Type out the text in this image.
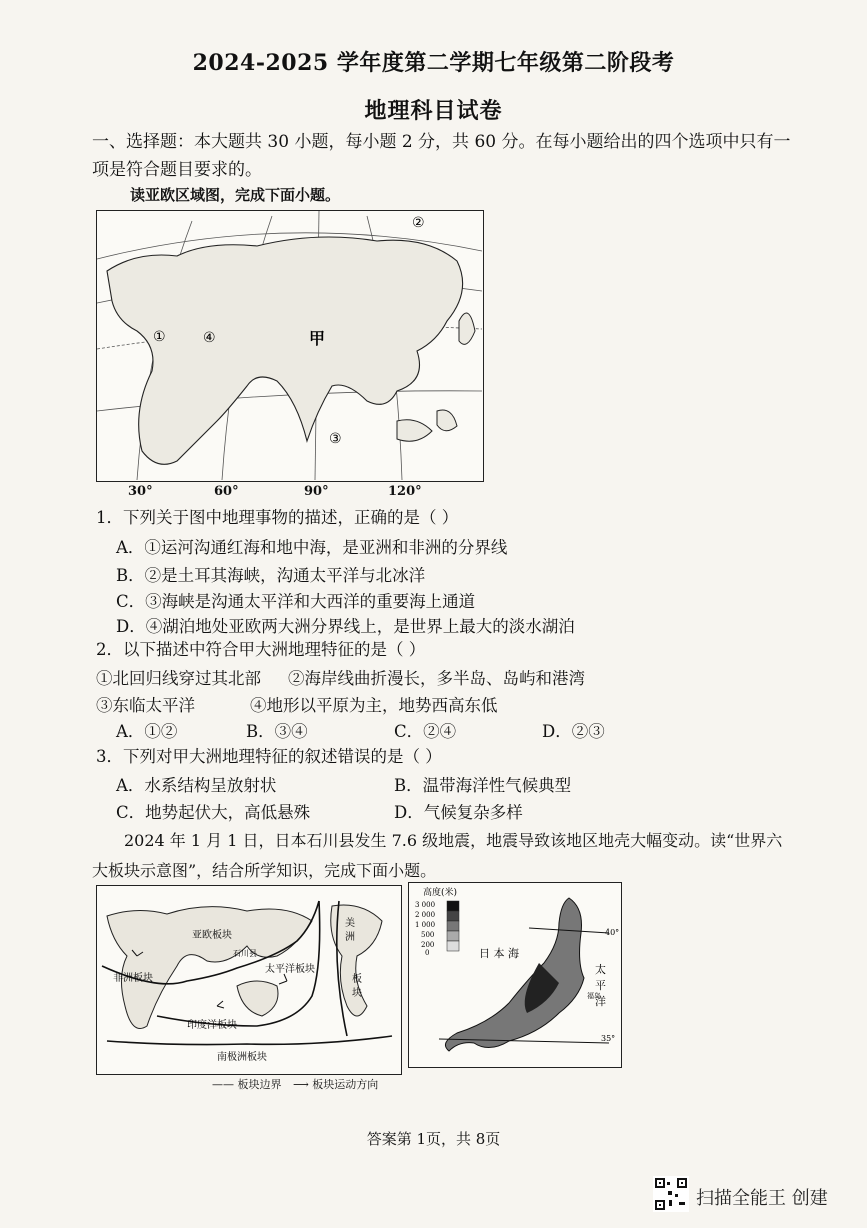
2024-2025 学年度第二学期七年级第二阶段考
地理科目试卷
一、选择题：本大题共 30 小题，每小题 2 分，共 60 分。在每小题给出的四个选项中只有一项是符合题目要求的。
读亚欧区域图，完成下面小题。
①
②
③
④	甲
30°	60°	90°	120°
1．下列关于图中地理事物的描述，正确的是（ ）
A．①运河沟通红海和地中海，是亚洲和非洲的分界线
B．②是土耳其海峡，沟通太平洋与北冰洋
C．③海峡是沟通太平洋和大西洋的重要海上通道
D．④湖泊地处亚欧两大洲分界线上，是世界上最大的淡水湖泊
2．以下描述中符合甲大洲地理特征的是（ ）
①北回归线穿过其北部 ②海岸线曲折漫长，多半岛、岛屿和港湾
③东临太平洋	④地形以平原为主，地势西高东低
A．①②	B．③④	C．②④	D．②③
3．下列对甲大洲地理特征的叙述错误的是（ ）
A．水系结构呈放射状	B．温带海洋性气候典型
C．地势起伏大，高低悬殊	D．气候复杂多样
2024 年 1 月 1 日，日本石川县发生 7.6 级地震，地震导致该地区地壳大幅变动。读“世界六大板块示意图”，结合所学知识，完成下面小题。
亚欧板块
太平洋板块
印度洋板块
南极洲板块
非洲板块
美
洲
板
块
石川县
—— 板块边界 ⟶ 板块运动方向
高度(米)
3 000
2 000
1 000
500
200
0	日 本 海
太
平
洋
40°
35°
福岛
答案第 1页，共 8页
扫描全能王 创建
